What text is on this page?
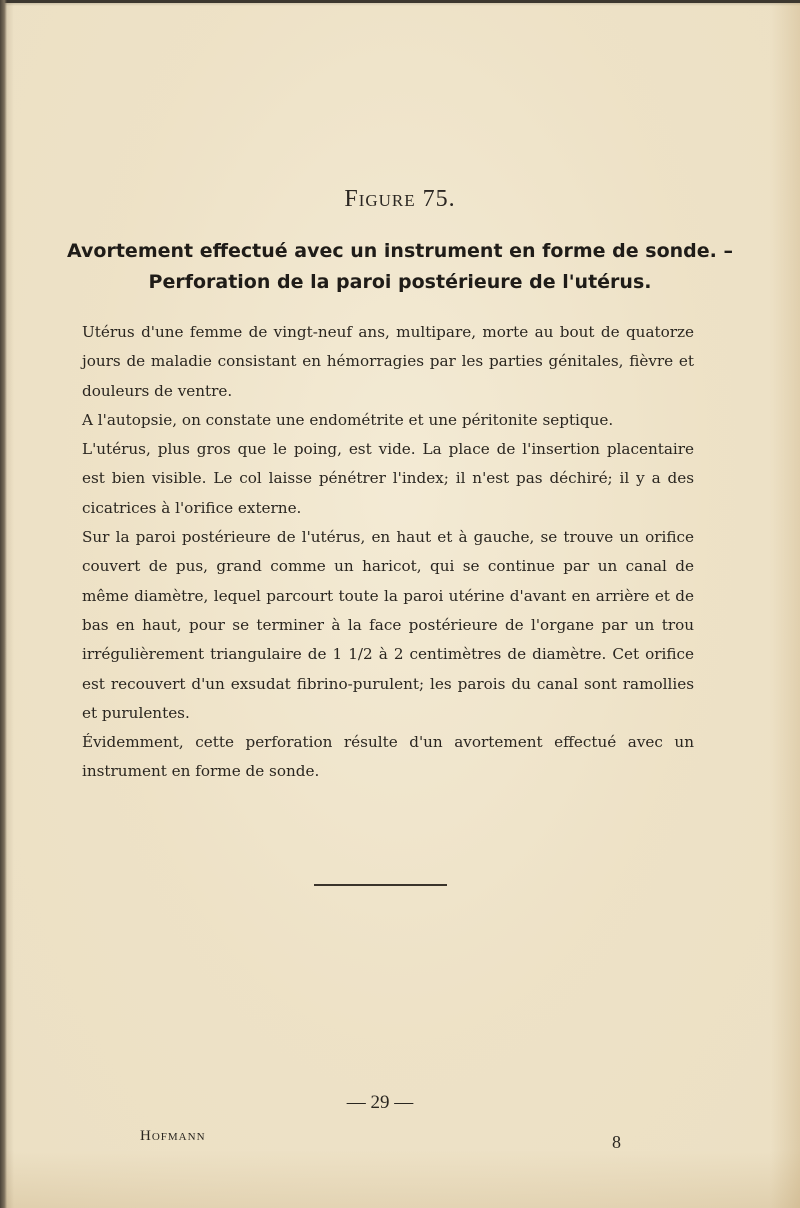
Figure 75.
Avortement effectué avec un instrument en forme de sonde. –
Perforation de la paroi postérieure de l'utérus.

Utérus d'une femme de vingt-neuf ans, multipare, morte au bout de quatorze jours de maladie consistant en hémorragies par les parties génitales, fièvre et douleurs de ventre.

A l'autopsie, on constate une endométrite et une péritonite septique.

L'utérus, plus gros que le poing, est vide. La place de l'insertion placentaire est bien visible. Le col laisse pénétrer l'index; il n'est pas déchiré; il y a des cicatrices à l'orifice externe.

Sur la paroi postérieure de l'utérus, en haut et à gauche, se trouve un orifice couvert de pus, grand comme un haricot, qui se continue par un canal de même diamètre, lequel parcourt toute la paroi utérine d'avant en arrière et de bas en haut, pour se terminer à la face postérieure de l'organe par un trou irrégulièrement triangulaire de 1 1/2 à 2 centimètres de diamètre. Cet orifice est recouvert d'un exsudat fibrino-purulent; les parois du canal sont ramollies et purulentes.

Évidemment, cette perforation résulte d'un avortement effectué avec un instrument en forme de sonde.

— 29 —
Hofmann	8
